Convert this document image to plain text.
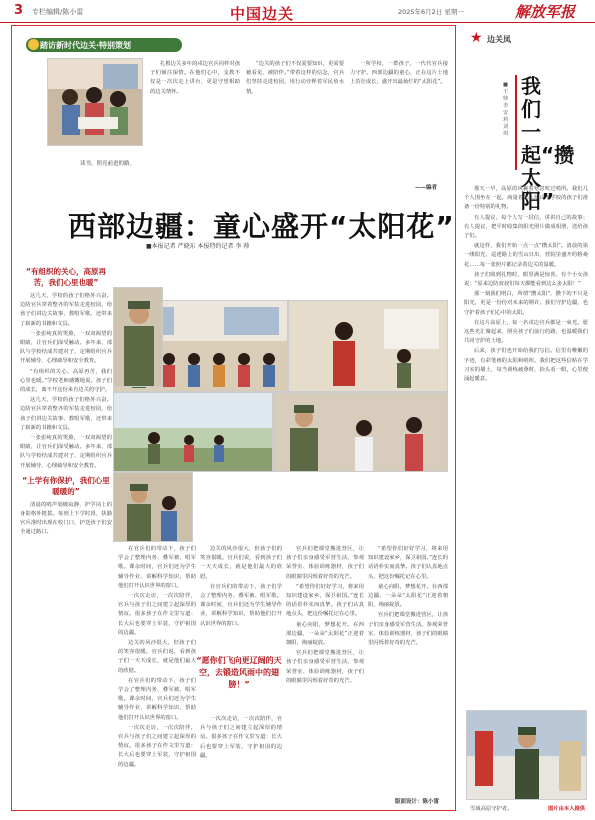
3 专栏编辑/陈小雷	中国边关	2025年6月2日 星期一	解放军报
踏访新时代边关·特别策划
读书，照亮前进的路。

扎根边关多年的戍边官兵同样对孩子们倾注深情。在他们心中，支教不仅是一次次走上讲台，更是守望相助的边关情怀。

“边关的孩子们不仅需要知识，更需要被看见、被陪伴。”带着这样的信念，官兵们坚持走进校园，用行动诠释着军民鱼水情。

一所学校，一群孩子，一代代官兵接力守护。西部边疆的童心，正在这片土地上茁壮成长，盛开出最灿烂的“太阳花”。

——编者
西部边疆：童心盛开“太阳花”
■本报记者 严晓东 本报特约记者 李 帅
“有组织的关心，高原再苦，我们心里也暖”

这几天，学校的孩子们格外兴奋。边防官兵穿着整齐的军装走进校园，给孩子们讲边关故事、教唱军歌，还带来了崭新的书籍和文具。

一张张纯真的笑脸，一双双渴望的眼睛，让官兵们深受触动。多年来，部队与学校结成共建对子，定期组织官兵开展辅导、心理疏导和安全教育。

“有组织的关心，高原再苦，我们心里也暖。”学校老师感慨地说。孩子们的成长，离不开这份来自边关的守护。

这几天，学校的孩子们格外兴奋。边防官兵穿着整齐的军装走进校园，给孩子们讲边关故事、教唱军歌，还带来了崭新的书籍和文具。

一张张纯真的笑脸，一双双渴望的眼睛，让官兵们深受触动。多年来，部队与学校结成共建对子，定期组织官兵开展辅导、心理疏导和安全教育。

“上学有你保护，我们心里暖暖的”

清晨的哨声划破寂静，护学岗上的身影格外挺拔。每到上下学时段，执勤官兵准时出现在校门口，护送孩子们安全通过路口。

在官兵们的带动下，孩子们学会了整理内务、叠军被、唱军歌。课余时间，官兵们还为学生辅导作业、讲解科学知识，帮助他们打开认识世界的窗口。

一次次走访，一次次陪伴，官兵与孩子们之间建立起深厚的情谊。很多孩子在作文里写道：长大后也要穿上军装，守护祖国的边疆。

边关的风沙很大，但孩子们的笑容很暖。官兵们说，看到孩子们一天天成长，就是他们最大的欣慰。

在官兵们的带动下，孩子们学会了整理内务、叠军被、唱军歌。课余时间，官兵们还为学生辅导作业、讲解科学知识，帮助他们打开认识世界的窗口。

一次次走访，一次次陪伴，官兵与孩子们之间建立起深厚的情谊。很多孩子在作文里写道：长大后也要穿上军装，守护祖国的边疆。

边关的风沙很大，但孩子们的笑容很暖。官兵们说，看到孩子们一天天成长，就是他们最大的欣慰。

在官兵们的带动下，孩子们学会了整理内务、叠军被、唱军歌。课余时间，官兵们还为学生辅导作业、讲解科学知识，帮助他们打开认识世界的窗口。

“愿你们飞向更辽阔的天空，去锻造风雨中的翅膀！”

一次次走访，一次次陪伴，官兵与孩子们之间建立起深厚的情谊。很多孩子在作文里写道：长大后也要穿上军装，守护祖国的边疆。

官兵们把课堂搬进营区，让孩子们亲身感受军营生活。参观荣誉室、体验训练器材，孩子们的眼睛里闪烁着好奇的光芒。

“希望你们好好学习，将来用知识建设家乡，保卫祖国。”连长的话语朴实而真挚。孩子们认真地点头，把这份嘱托记在心里。

童心向阳，梦想花开。在西部边疆，一朵朵“太阳花”正迎着朝阳，绚丽绽放。

官兵们把课堂搬进营区，让孩子们亲身感受军营生活。参观荣誉室、体验训练器材，孩子们的眼睛里闪烁着好奇的光芒。

“希望你们好好学习，将来用知识建设家乡，保卫祖国。”连长的话语朴实而真挚。孩子们认真地点头，把这份嘱托记在心里。

童心向阳，梦想花开。在西部边疆，一朵朵“太阳花”正迎着朝阳，绚丽绽放。

官兵们把课堂搬进营区，让孩子们亲身感受军营生活。参观荣誉室、体验训练器材，孩子们的眼睛里闪烁着好奇的光芒。

版面设计：陈小雷
★ 边关凤
我们一起“攒太阳”
■王 帅 李安莉 刘 琪

那天一早，高原的风裹着寒意吹过哨所。我们几个人围坐在一起，商量着怎么给山下学校的孩子们准备一份特别的礼物。

有人提议，每个人写一封信，讲讲自己的故事；有人提议，把平时收集的阳光照片做成相册，送给孩子们。

就这样，我们开始一点一点“攒太阳”。清晨的第一缕阳光、巡逻路上的雪山日出、营院里盛开的格桑花……每一张照片都记录着边关的温暖。

孩子们收到礼物时，眼里满是惊喜。有个小女孩说：“原来边防叔叔们每天都能看到这么多太阳！”

那一刻我们明白，所谓“攒太阳”，攒下的不只是阳光，更是一份份对未来的期许。我们守护边疆，也守护着孩子们心中的太阳。

在这片高原上，每一名戍边官兵都是一束光。愿这些光汇聚起来，照亮孩子们前行的路，也温暖我们共同守护的土地。

后来，孩子们也开始给我们写信。信里有稚嫩的字迹，有彩笔画的太阳和哨所。我们把这些信贴在学习室的墙上，每当训练疲惫时，抬头看一眼，心里便涌起暖意。

雪域高原守护者。	图片由本人提供
